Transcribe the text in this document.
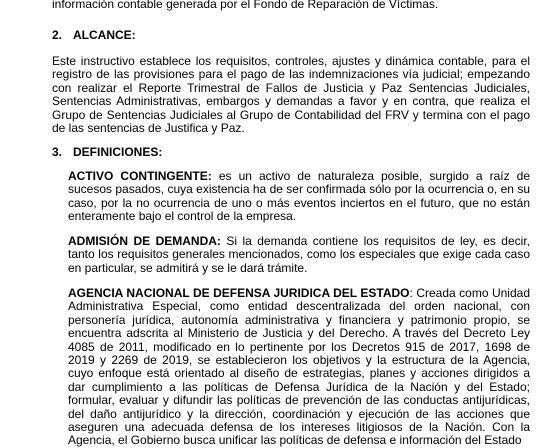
información contable generada por el Fondo de Reparación de Víctimas.

2. ALCANCE:

Este instructivo establece los requisitos, controles, ajustes y dinámica contable, para el registro de las provisiones para el pago de las indemnizaciones vía judicial; empezando con realizar el Reporte Trimestral de Fallos de Justicia y Paz Sentencias Judiciales, Sentencias Administrativas, embargos y demandas a favor y en contra, que realiza el Grupo de Sentencias Judiciales al Grupo de Contabilidad del FRV y termina con el pago de las sentencias de Justifica y Paz.

3. DEFINICIONES:

ACTIVO CONTINGENTE: es un activo de naturaleza posible, surgido a raíz de sucesos pasados, cuya existencia ha de ser confirmada sólo por la ocurrencia o, en su caso, por la no ocurrencia de uno o más eventos inciertos en el futuro, que no están enteramente bajo el control de la empresa.

ADMISIÓN DE DEMANDA: Si la demanda contiene los requisitos de ley, es decir, tanto los requisitos generales mencionados, como los especiales que exige cada caso en particular, se admitirá y se le dará trámite.

AGENCIA NACIONAL DE DEFENSA JURIDICA DEL ESTADO: Creada como Unidad Administrativa Especial, como entidad descentralizada del orden nacional, con personería jurídica, autonomía administrativa y financiera y patrimonio propio, se encuentra adscrita al Ministerio de Justicia y del Derecho. A través del Decreto Ley 4085 de 2011, modificado en lo pertinente por los Decretos 915 de 2017, 1698 de 2019 y 2269 de 2019, se establecieron los objetivos y la estructura de la Agencia, cuyo enfoque está orientado al diseño de estrategias, planes y acciones dirigidos a dar cumplimiento a las políticas de Defensa Jurídica de la Nación y del Estado; formular, evaluar y difundir las políticas de prevención de las conductas antijurídicas, del daño antijurídico y la dirección, coordinación y ejecución de las acciones que aseguren una adecuada defensa de los intereses litigiosos de la Nación. Con la Agencia, el Gobierno busca unificar las políticas de defensa e información del Estado
